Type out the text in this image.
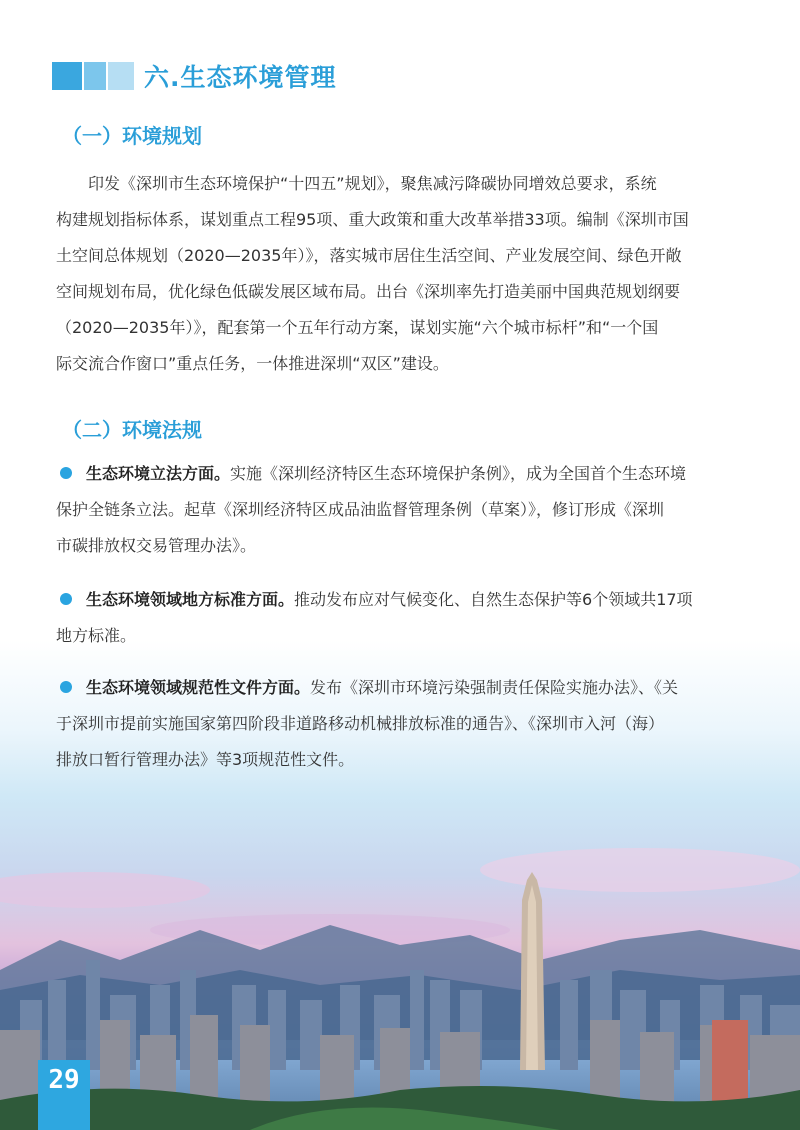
六.生态环境管理
（一）环境规划
印发《深圳市生态环境保护“十四五”规划》，聚焦减污降碳协同增效总要求，系统
构建规划指标体系，谋划重点工程95项、重大政策和重大改革举措33项。编制《深圳市国
土空间总体规划（2020—2035年）》，落实城市居住生活空间、产业发展空间、绿色开敞
空间规划布局，优化绿色低碳发展区域布局。出台《深圳率先打造美丽中国典范规划纲要
（2020—2035年）》，配套第一个五年行动方案，谋划实施“六个城市标杆”和“一个国
际交流合作窗口”重点任务，一体推进深圳“双区”建设。
（二）环境法规
生态环境立法方面。实施《深圳经济特区生态环境保护条例》，成为全国首个生态环境
保护全链条立法。起草《深圳经济特区成品油监督管理条例（草案）》，修订形成《深圳
市碳排放权交易管理办法》。
生态环境领域地方标准方面。推动发布应对气候变化、自然生态保护等6个领域共17项
地方标准。
生态环境领域规范性文件方面。发布《深圳市环境污染强制责任保险实施办法》、《关
于深圳市提前实施国家第四阶段非道路移动机械排放标准的通告》、《深圳市入河（海）
排放口暂行管理办法》等3项规范性文件。
29
